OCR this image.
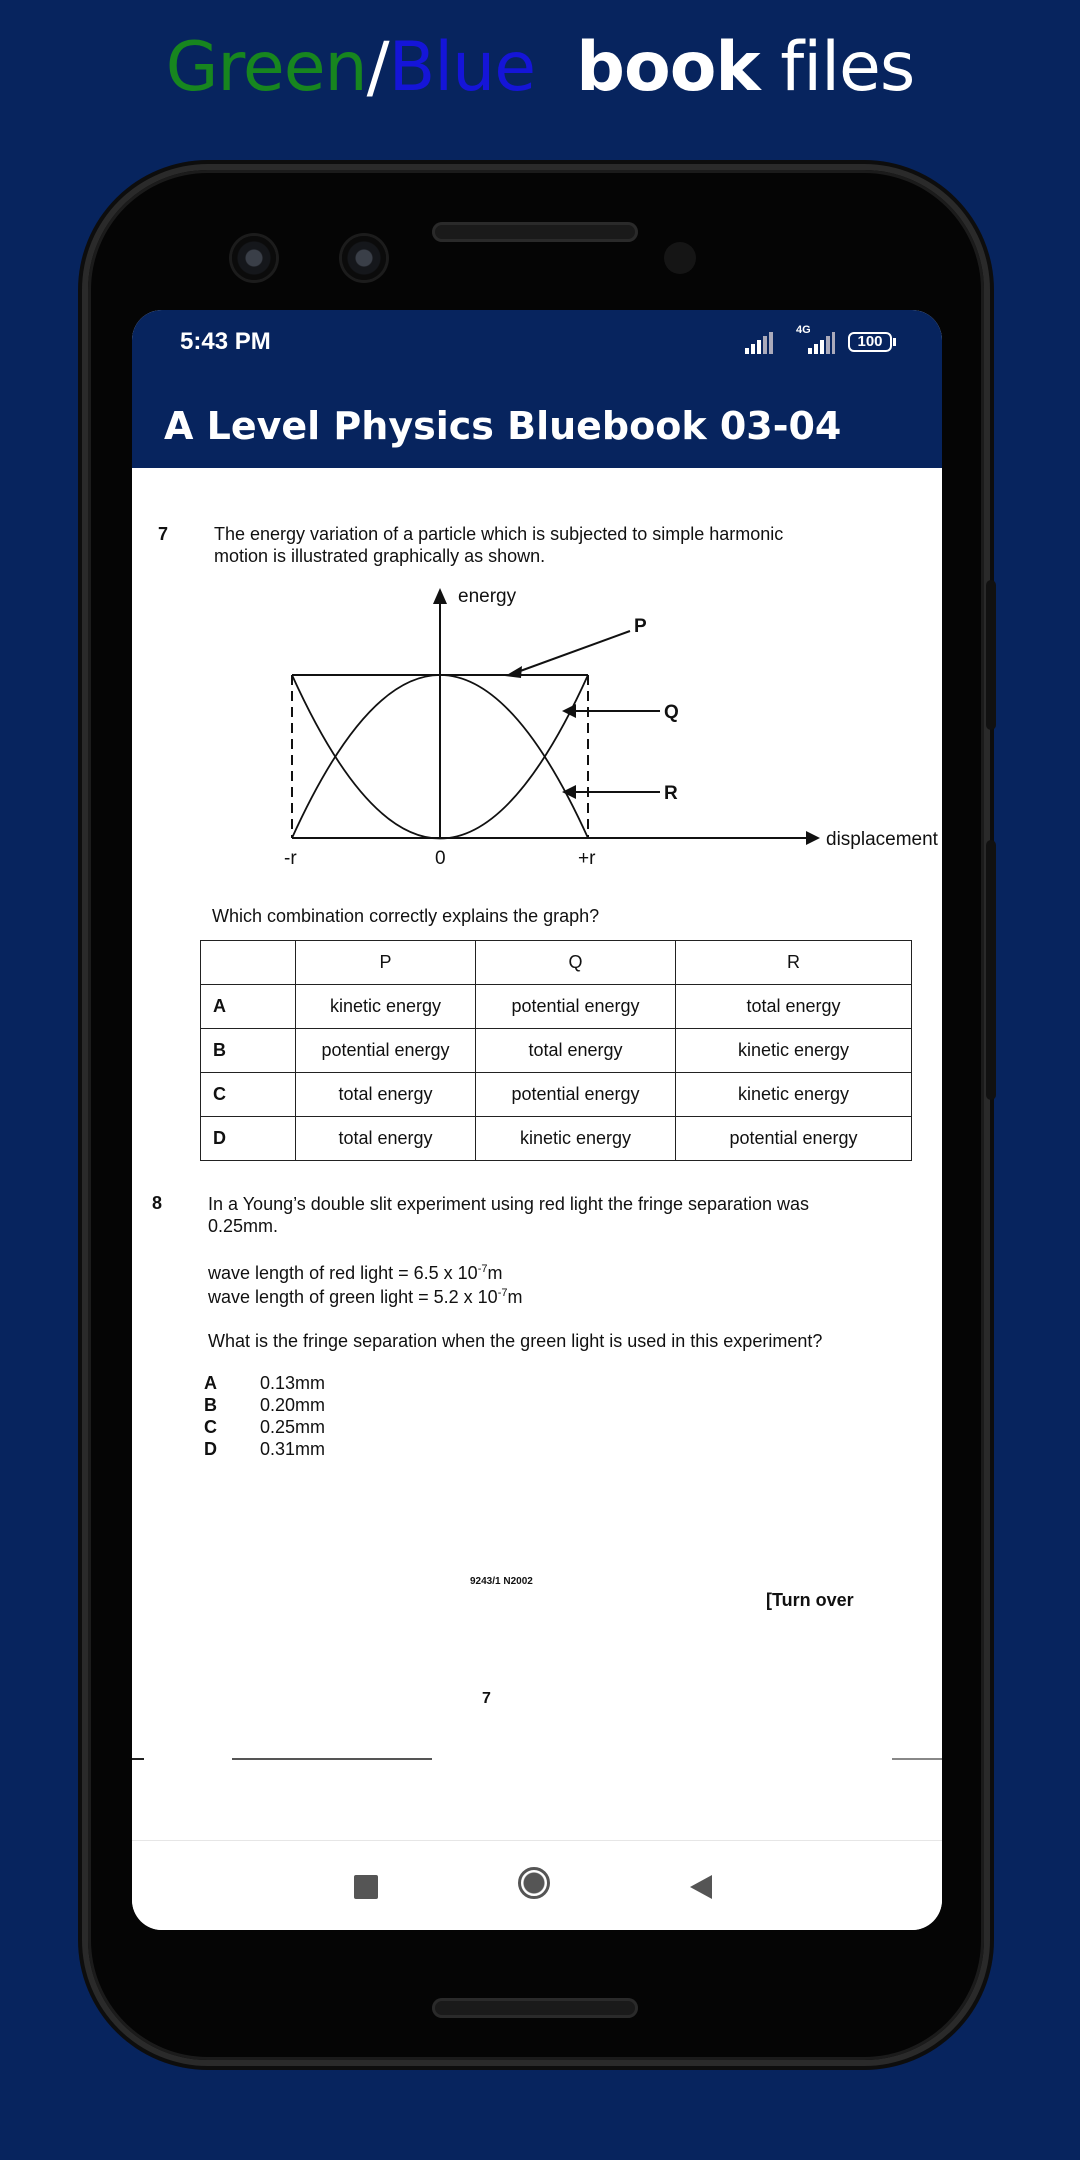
Green/Blue book files
5:43 PM	4G
100
A Level Physics Bluebook 03-04
7	The energy variation of a particle which is subjected to simple harmonic
motion is illustrated graphically as shown.
energy
displacement
-r	0	+r
P
Q
R
Which combination correctly explains the graph?
	P	Q	R
A	kinetic energy	potential energy	total energy
B	potential energy	total energy	kinetic energy
C	total energy	potential energy	kinetic energy
D	total energy	kinetic energy	potential energy
8	In a Young’s double slit experiment using red light the fringe separation was
0.25mm.
wave length of red light = 6.5 x $10^{-7}m$
wave length of green light = 5.2 x $10^{-7}m$
What is the fringe separation when the green light is used in this experiment?
A 0.13mm
B 0.20mm
C 0.25mm
D 0.31mm
9243/1 N2002
[Turn over
7
